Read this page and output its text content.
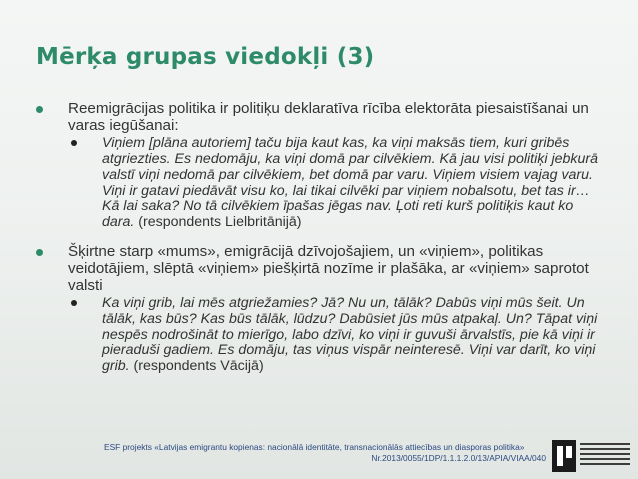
Mērķa grupas viedokļi (3)
Reemigrācijas politika ir politiķu deklaratīva rīcība elektorāta piesaistīšanai un varas iegūšanai:
Viņiem [plāna autoriem] taču bija kaut kas, ka viņi maksās tiem, kuri gribēs atgriezties. Es nedomāju, ka viņi domā par cilvēkiem. Kā jau visi politiķi jebkurā valstī viņi nedomā par cilvēkiem, bet domā par varu. Viņiem visiem vajag varu. Viņi ir gatavi piedāvāt visu ko, lai tikai cilvēki par viņiem nobalsotu, bet tas ir… Kā lai saka? No tā cilvēkiem īpašas jēgas nav. Ļoti reti kurš politiķis kaut ko dara. (respondents Lielbritānijā)
Šķirtne starp «mums», emigrācijā dzīvojošajiem, un «viņiem», politikas veidotājiem, slēptā «viņiem» piešķirtā nozīme ir plašāka, ar «viņiem» saprotot valsti
Ka viņi grib, lai mēs atgriežamies? Jā? Nu un, tālāk? Dabūs viņi mūs šeit. Un tālāk, kas būs? Kas būs tālāk, lūdzu? Dabūsiet jūs mūs atpakaļ. Un? Tāpat viņi nespēs nodrošināt to mierīgo, labo dzīvi, ko viņi ir guvuši ārvalstīs, pie kā viņi ir pieraduši gadiem. Es domāju, tas viņus vispār neinteresē. Viņi var darīt, ko viņi grib. (respondents Vācijā)
ESF projekts «Latvijas emigrantu kopienas: nacionālā identitāte, transnacionālās attiecības un diasporas politika»
Nr.2013/0055/1DP/1.1.1.2.0/13/APIA/VIAA/040
